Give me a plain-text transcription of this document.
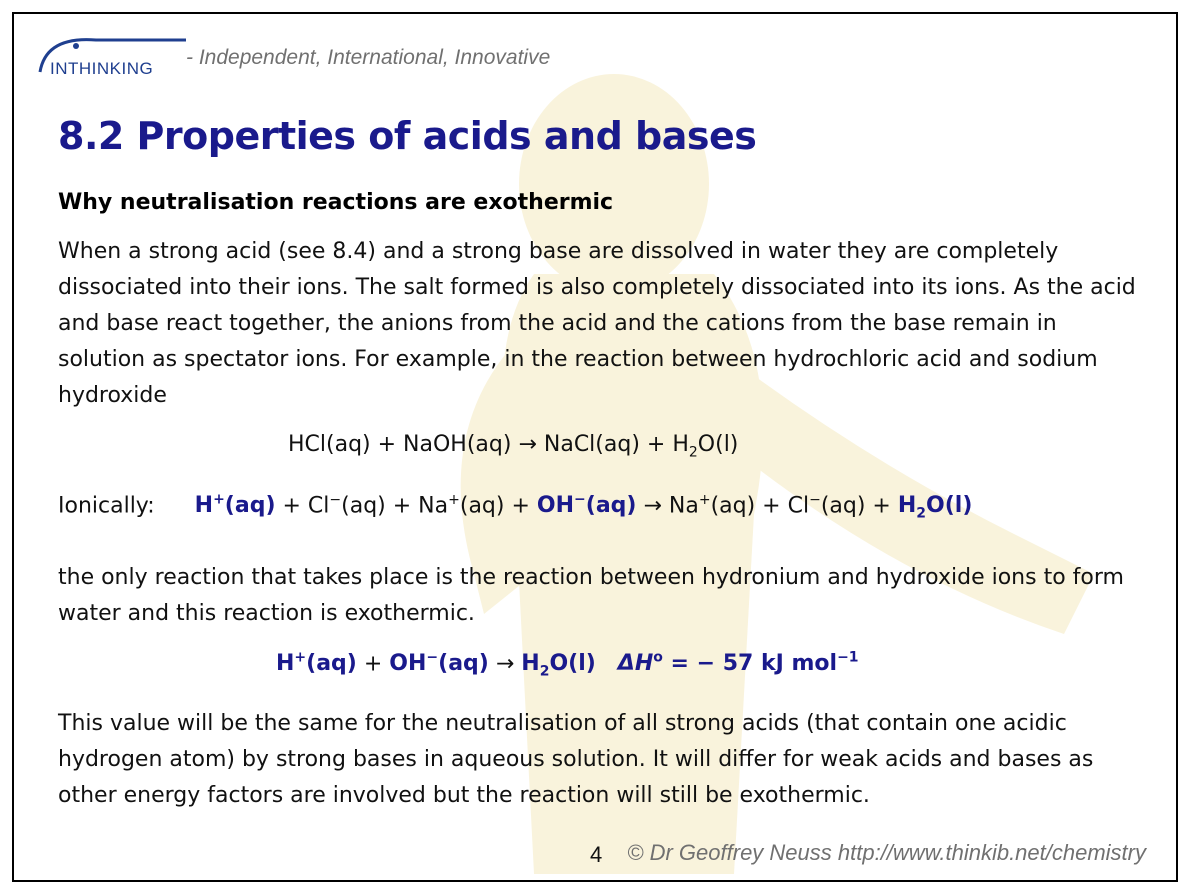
INTHINKING - Independent, International, Innovative
8.2 Properties of acids and bases
Why neutralisation reactions are exothermic
When a strong acid (see 8.4) and a strong base are dissolved in water they are completely dissociated into their ions. The salt formed is also completely dissociated into its ions. As the acid and base react together, the anions from the acid and the cations from the base remain in solution as spectator ions. For example, in the reaction between hydrochloric acid and sodium hydroxide
HCl(aq) + NaOH(aq) → NaCl(aq) + $H_2O(l)$
Ionically: $H^+(aq) + Cl^-(aq) + Na^+(aq) + OH^-(aq) \to Na^+(aq) + Cl^-(aq) + H_2O(l)$
the only reaction that takes place is the reaction between hydronium and hydroxide ions to form water and this reaction is exothermic.
$H^+(aq) + OH^-(aq) \to H_2O(l) \Delta H^o$ = − 57 kJ mol$^{-1}$
This value will be the same for the neutralisation of all strong acids (that contain one acidic hydrogen atom) by strong bases in aqueous solution. It will differ for weak acids and bases as other energy factors are involved but the reaction will still be exothermic.
4 © Dr Geoffrey Neuss http://www.thinkib.net/chemistry
